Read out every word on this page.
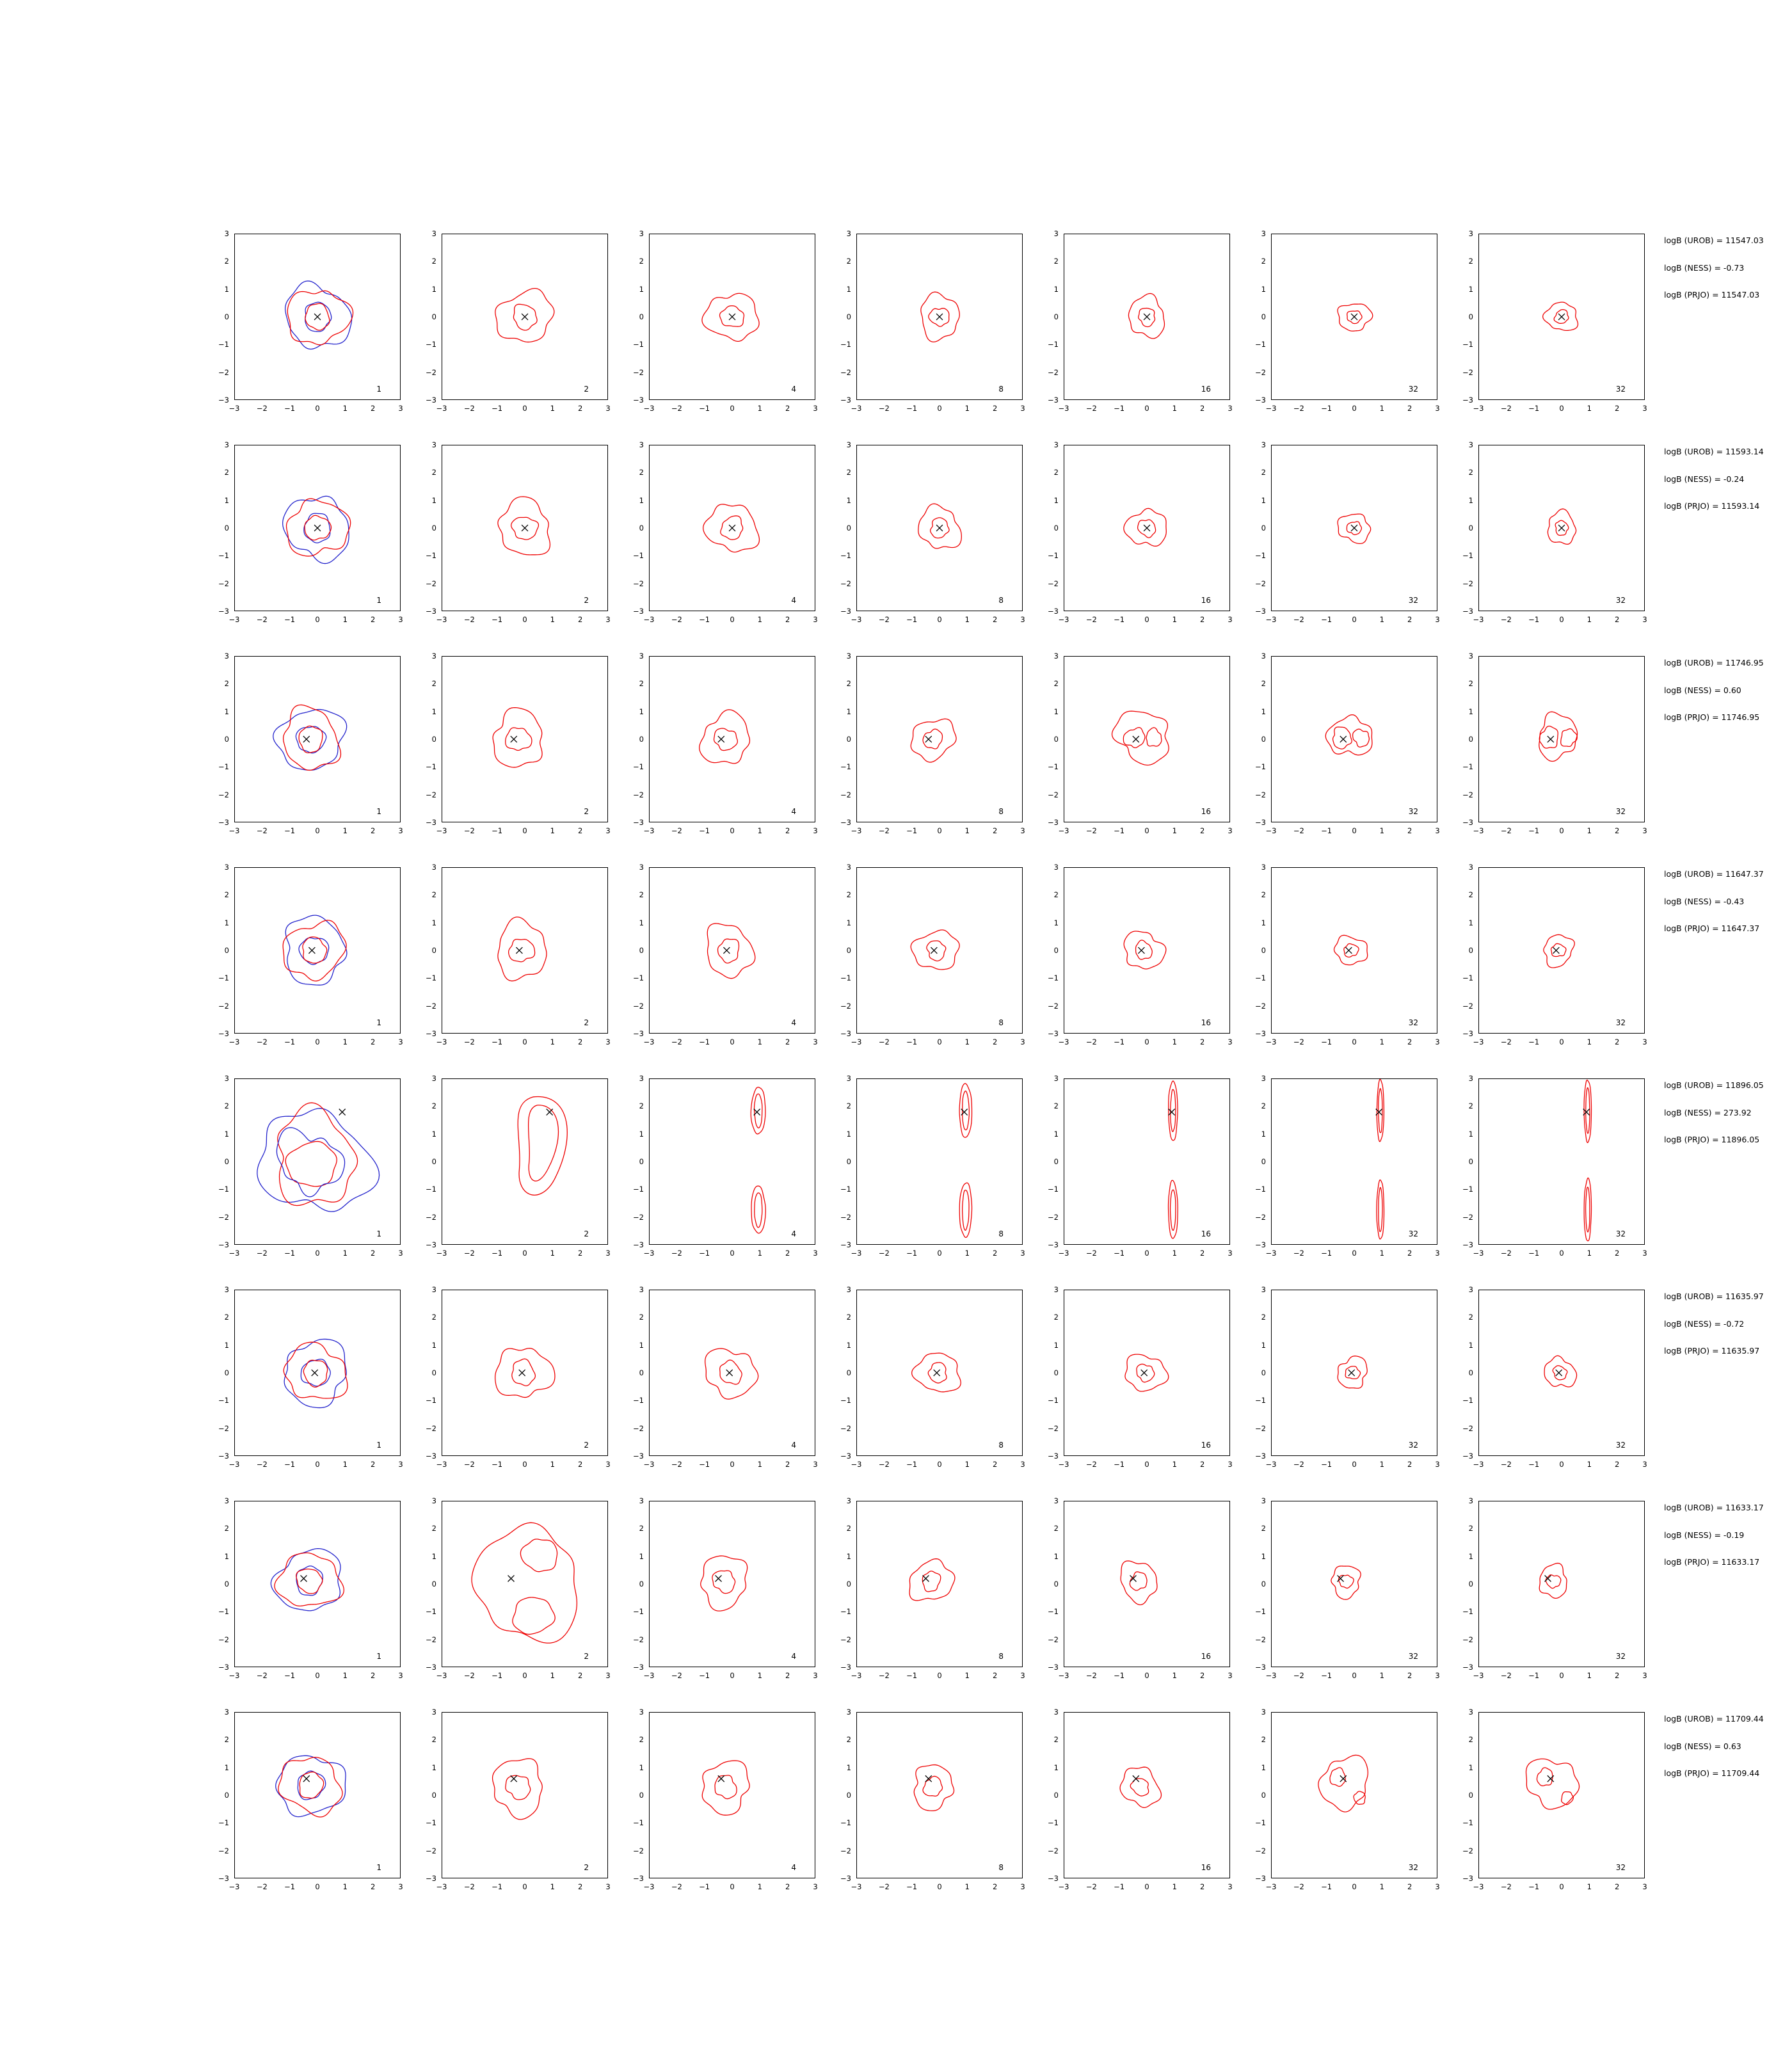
3
2
1
0
−1
−2
−3
−3	−2	−1	0	1	2	3
1
3
2
1
0
−1
−2
−3
−3	−2	−1	0	1	2	3
2
3
2
1
0
−1
−2
−3
−3	−2	−1	0	1	2	3
4
3
2
1
0
−1
−2
−3
−3	−2	−1	0	1	2	3
8
3
2
1
0
−1
−2
−3
−3	−2	−1	0	1	2	3
16
3
2
1
0
−1
−2
−3
−3	−2	−1	0	1	2	3
32
3
2
1
0
−1
−2
−3
−3	−2	−1	0	1	2	3
32
3
2
1
0
−1
−2
−3
−3	−2	−1	0	1	2	3
1
3
2
1
0
−1
−2
−3
−3	−2	−1	0	1	2	3
2
3
2
1
0
−1
−2
−3
−3	−2	−1	0	1	2	3
4
3
2
1
0
−1
−2
−3
−3	−2	−1	0	1	2	3
8
3
2
1
0
−1
−2
−3
−3	−2	−1	0	1	2	3
16
3
2
1
0
−1
−2
−3
−3	−2	−1	0	1	2	3
32
3
2
1
0
−1
−2
−3
−3	−2	−1	0	1	2	3
32
3
2
1
0
−1
−2
−3
−3	−2	−1	0	1	2	3
1
3
2
1
0
−1
−2
−3
−3	−2	−1	0	1	2	3
2
3
2
1
0
−1
−2
−3
−3	−2	−1	0	1	2	3
4
3
2
1
0
−1
−2
−3
−3	−2	−1	0	1	2	3
8
3
2
1
0
−1
−2
−3
−3	−2	−1	0	1	2	3
16
3
2
1
0
−1
−2
−3
−3	−2	−1	0	1	2	3
32
3
2
1
0
−1
−2
−3
−3	−2	−1	0	1	2	3
32
3
2
1
0
−1
−2
−3
−3	−2	−1	0	1	2	3
1
3
2
1
0
−1
−2
−3
−3	−2	−1	0	1	2	3
2
3
2
1
0
−1
−2
−3
−3	−2	−1	0	1	2	3
4
3
2
1
0
−1
−2
−3
−3	−2	−1	0	1	2	3
8
3
2
1
0
−1
−2
−3
−3	−2	−1	0	1	2	3
16
3
2
1
0
−1
−2
−3
−3	−2	−1	0	1	2	3
32
3
2
1
0
−1
−2
−3
−3	−2	−1	0	1	2	3
32
3
2
1
0
−1
−2
−3
−3	−2	−1	0	1	2	3
1
3
2
1
0
−1
−2
−3
−3	−2	−1	0	1	2	3
2
3
2
1
0
−1
−2
−3
−3	−2	−1	0	1	2	3
4
3
2
1
0
−1
−2
−3
−3	−2	−1	0	1	2	3
8
3
2
1
0
−1
−2
−3
−3	−2	−1	0	1	2	3
16
3
2
1
0
−1
−2
−3
−3	−2	−1	0	1	2	3
32
3
2
1
0
−1
−2
−3
−3	−2	−1	0	1	2	3
32
3
2
1
0
−1
−2
−3
−3	−2	−1	0	1	2	3
1
3
2
1
0
−1
−2
−3
−3	−2	−1	0	1	2	3
2
3
2
1
0
−1
−2
−3
−3	−2	−1	0	1	2	3
4
3
2
1
0
−1
−2
−3
−3	−2	−1	0	1	2	3
8
3
2
1
0
−1
−2
−3
−3	−2	−1	0	1	2	3
16
3
2
1
0
−1
−2
−3
−3	−2	−1	0	1	2	3
32
3
2
1
0
−1
−2
−3
−3	−2	−1	0	1	2	3
32
3
2
1
0
−1
−2
−3
−3	−2	−1	0	1	2	3
1
3
2
1
0
−1
−2
−3
−3	−2	−1	0	1	2	3
2
3
2
1
0
−1
−2
−3
−3	−2	−1	0	1	2	3
4
3
2
1
0
−1
−2
−3
−3	−2	−1	0	1	2	3
8
3
2
1
0
−1
−2
−3
−3	−2	−1	0	1	2	3
16
3
2
1
0
−1
−2
−3
−3	−2	−1	0	1	2	3
32
3
2
1
0
−1
−2
−3
−3	−2	−1	0	1	2	3
32
3
2
1
0
−1
−2
−3
−3	−2	−1	0	1	2	3
1
3
2
1
0
−1
−2
−3
−3	−2	−1	0	1	2	3
2
3
2
1
0
−1
−2
−3
−3	−2	−1	0	1	2	3
4
3
2
1
0
−1
−2
−3
−3	−2	−1	0	1	2	3
8
3
2
1
0
−1
−2
−3
−3	−2	−1	0	1	2	3
16
3
2
1
0
−1
−2
−3
−3	−2	−1	0	1	2	3
32
3
2
1
0
−1
−2
−3
−3	−2	−1	0	1	2	3
32
logB (UROB) = 11547.03
logB (NESS) = -0.73
logB (PRJO) = 11547.03
logB (UROB) = 11593.14
logB (NESS) = -0.24
logB (PRJO) = 11593.14
logB (UROB) = 11746.95
logB (NESS) = 0.60
logB (PRJO) = 11746.95
logB (UROB) = 11647.37
logB (NESS) = -0.43
logB (PRJO) = 11647.37
logB (UROB) = 11896.05
logB (NESS) = 273.92
logB (PRJO) = 11896.05
logB (UROB) = 11635.97
logB (NESS) = -0.72
logB (PRJO) = 11635.97
logB (UROB) = 11633.17
logB (NESS) = -0.19
logB (PRJO) = 11633.17
logB (UROB) = 11709.44
logB (NESS) = 0.63
logB (PRJO) = 11709.44
